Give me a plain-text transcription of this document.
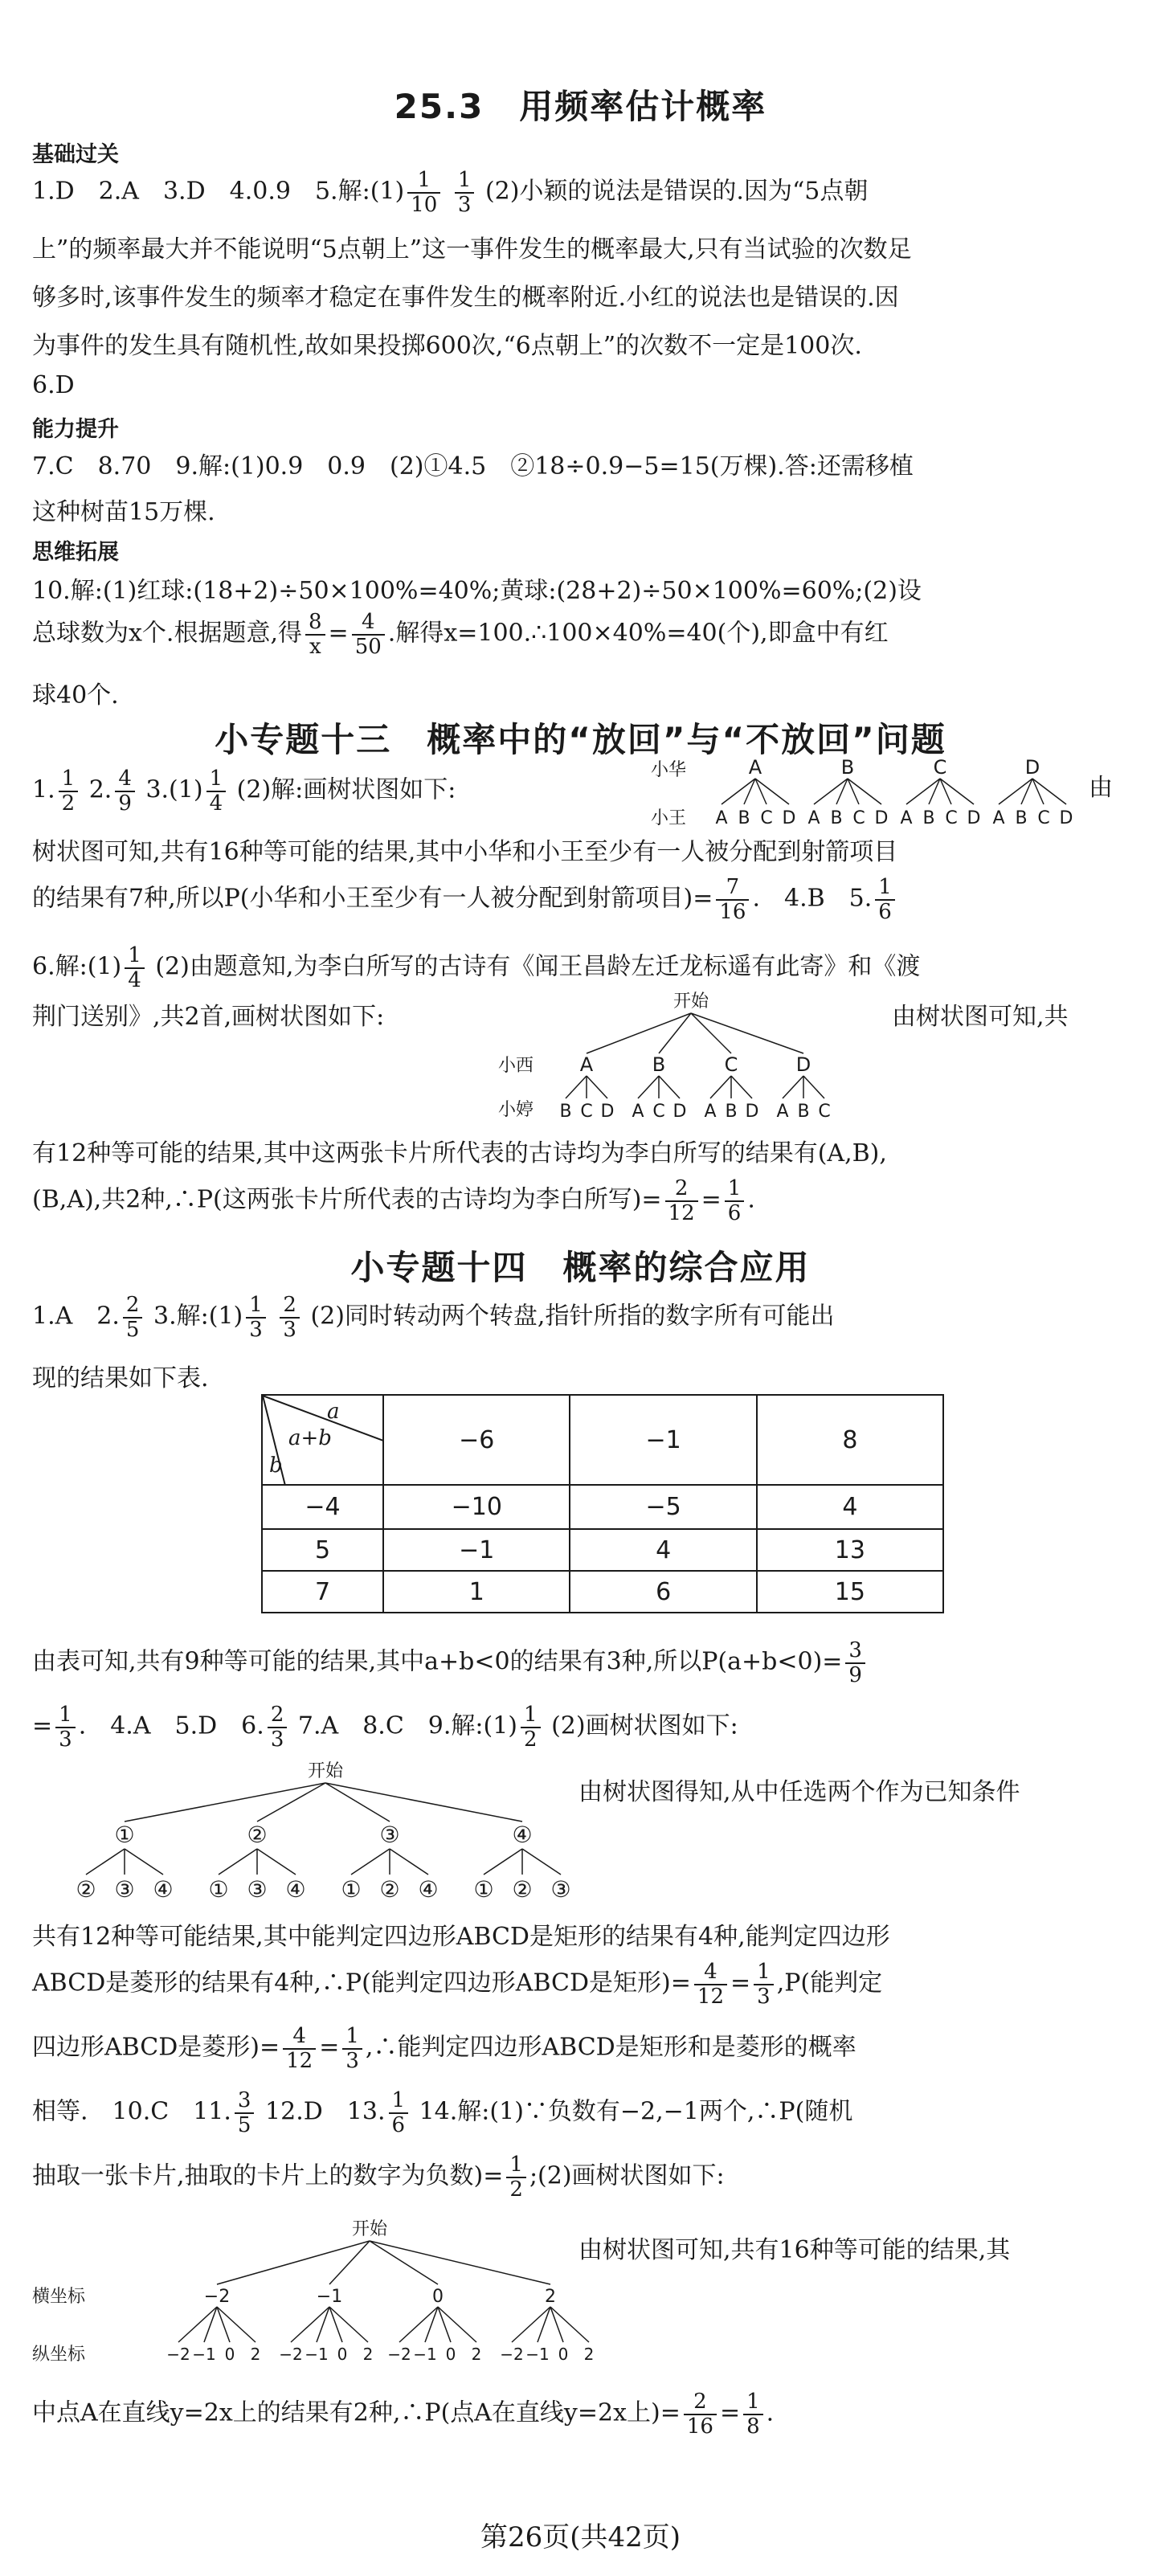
25.3　用频率估计概率
基础过关
1.D　2.A　3.D　4.0.9　5.解:(1) $\frac{1}{10}$
$\frac{1}{3} (2)$小颖的说法是错误的.因为“5点朝
上”的频率最大并不能说明“5点朝上”这一事件发生的概率最大,只有当试验的次数足
够多时,该事件发生的频率才稳定在事件发生的概率附近.小红的说法也是错误的.因
为事件的发生具有随机性,故如果投掷600次,“6点朝上”的次数不一定是100次.
6.D
能力提升
7.C　8.70　9.解:(1)0.9　0.9　(2)①4.5　②18÷0.9−5=15(万棵).答:还需移植
这种树苗15万棵.
思维拓展
10.解:(1)红球:(18+2)÷50×100%=40%;黄球:(28+2)÷50×100%=60%;(2)设
总球数为x个.根据题意,得 $\frac{8}{x} = \frac{4}{50}$ .解得x=100.∴100×40%=40(个),即盒中有红
球40个.
小专题十三　概率中的“放回”与“不放回”问题
1. $\frac{1}{2} 2$. $\frac{4}{9} 3.(1) \frac{1}{4} (2)$解:画树状图如下:
小华
小王
A
A B C D
B
A B C D
C
A B C D
D
A B C D
由
树状图可知,共有16种等可能的结果,其中小华和小王至少有一人被分配到射箭项目
的结果有7种,所以P(小华和小王至少有一人被分配到射箭项目)= $\frac{7}{16}$ .　4.B　5. $\frac{1}{6}$
6.解:(1) $\frac{1}{4} (2)$由题意知,为李白所写的古诗有《闻王昌龄左迁龙标遥有此寄》和《渡
荆门送别》,共2首,画树状图如下:	由树状图可知,共
小西
小婷
开始
A
B C D
B
A C D
C
A B D
D
A B C
有12种等可能的结果,其中这两张卡片所代表的古诗均为李白所写的结果有(A,B),
(B,A),共2种,∴P(这两张卡片所代表的古诗均为李白所写)= $\frac{2}{12} = \frac{1}{6}$ .
小专题十四　概率的综合应用
1.A　2. $\frac{2}{5} 3$.解:(1) $\frac{1}{3}$
$\frac{2}{3} (2)$同时转动两个转盘,指针所指的数字所有可能出
现的结果如下表.
a
a+b
b	−6	−1	8
−4	−10	−5	4
5	−1	4	13
7	1	6	15
由表可知,共有9种等可能的结果,其中a+b<0的结果有3种,所以$P(a+b<0)= \frac{3}{9}$
= $\frac{1}{3}$ .　4.A　5.D　6. $\frac{2}{3} 7.A$　8.C　9.解:(1) $\frac{1}{2} (2)$画树状图如下:
开始
①
② ③ ④
②
① ③ ④
③
① ② ④
④
① ② ③
由树状图得知,从中任选两个作为已知条件
共有12种等可能结果,其中能判定四边形ABCD是矩形的结果有4种,能判定四边形
ABCD是菱形的结果有4种,∴P(能判定四边形ABCD是矩形)= $\frac{4}{12} = \frac{1}{3} ,P$(能判定
四边形ABCD是菱形)= $\frac{4}{12} = \frac{1}{3}$ ,∴能判定四边形ABCD是矩形和是菱形的概率
相等.　10.C　11. $\frac{3}{5} 12.D$　13. $\frac{1}{6} 14$.解:(1)∵负数有−2,−1两个,∴P(随机
抽取一张卡片,抽取的卡片上的数字为负数)= $\frac{1}{2}$ ;(2)画树状图如下:
横坐标
纵坐标
开始
−2
−2 −1 0 2
−1
−2 −1 0 2
0
−2 −1 0 2
2
−2 −1 0 2
由树状图可知,共有16种等可能的结果,其
中点A在直线y=2x上的结果有2种,∴P(点A在直线y=2x上)= $\frac{2}{16} = \frac{1}{8}$ .
第26页(共42页)
